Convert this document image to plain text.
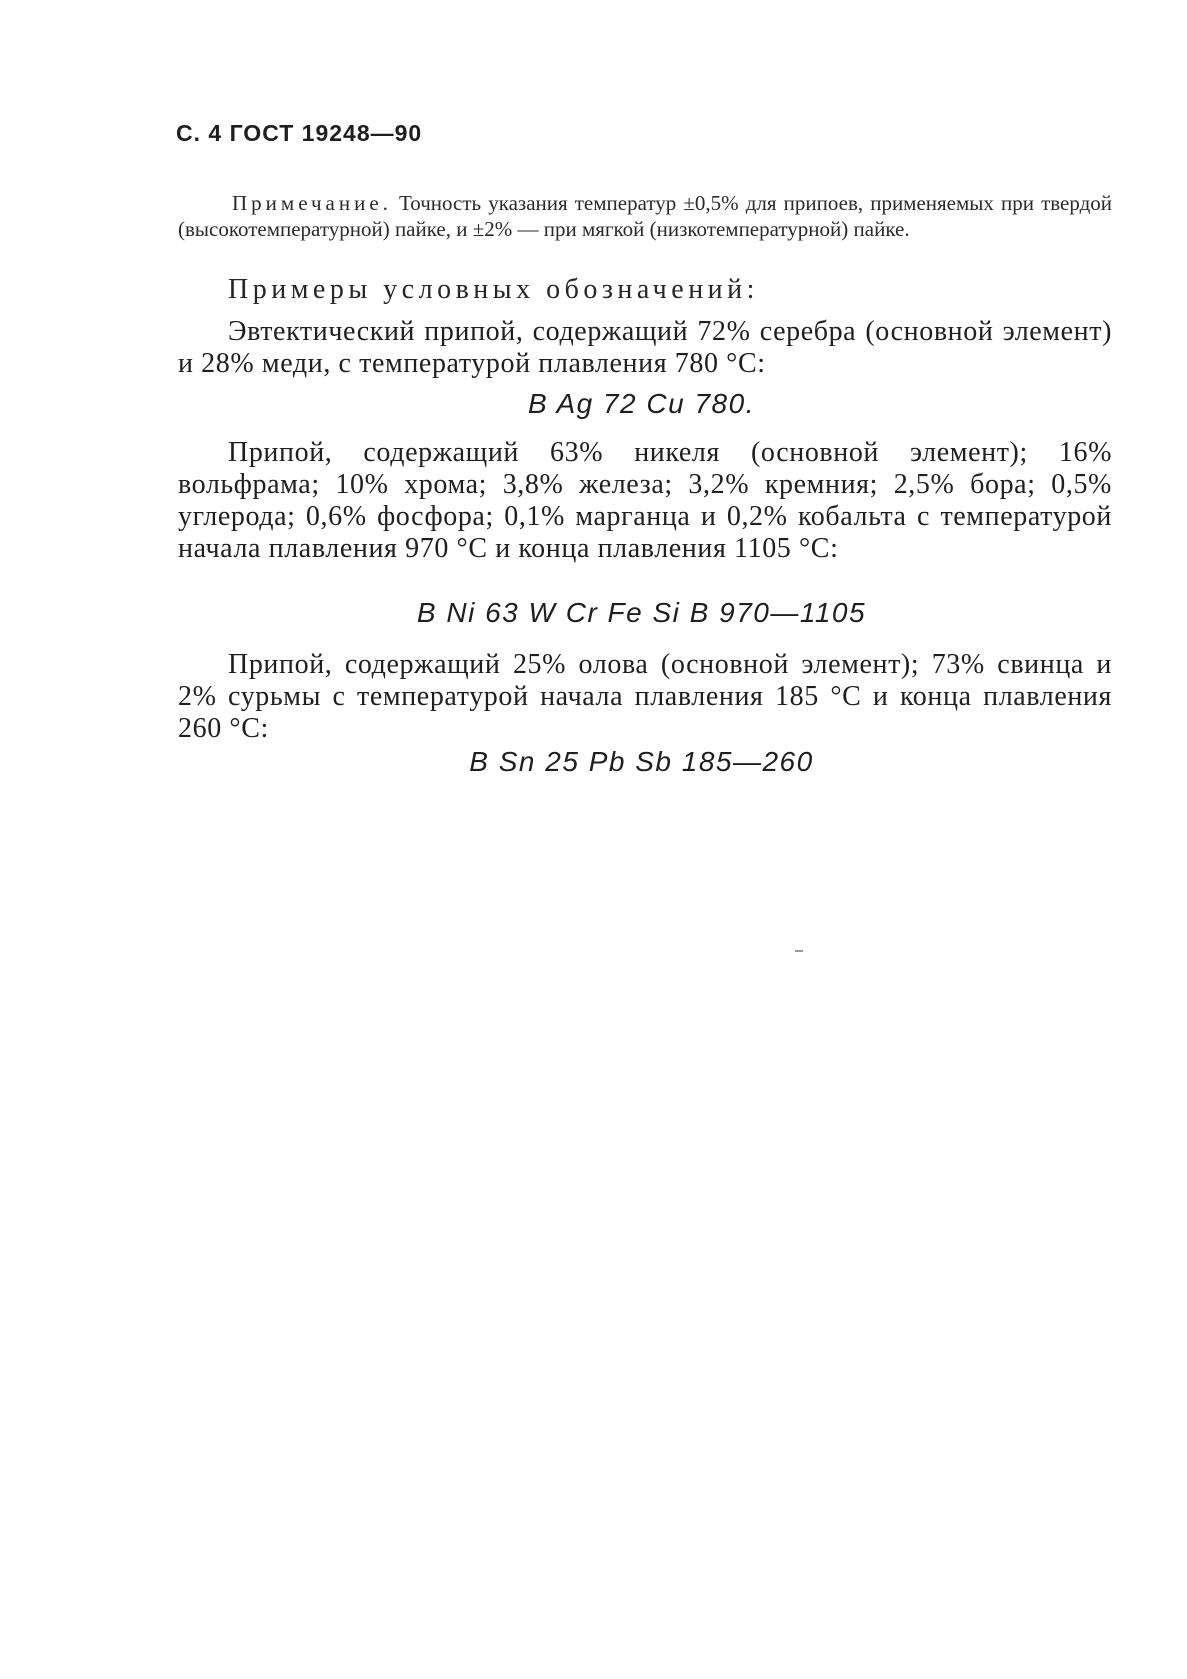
С. 4 ГОСТ 19248—90
Примечание. Точность указания температур ±0,5% для припоев, применяемых при твердой (высокотемпературной) пайке, и ±2% — при мягкой (низкотемпературной) пайке.
Примеры условных обозначений:
Эвтектический припой, содержащий 72% серебра (основной элемент) и 28% меди, с температурой плавления 780 °С:
B Ag 72 Cu 780.
Припой, содержащий 63% никеля (основной элемент); 16% вольфрама; 10% хрома; 3,8% железа; 3,2% кремния; 2,5% бора; 0,5% углерода; 0,6% фосфора; 0,1% марганца и 0,2% кобальта с температурой начала плавления 970 °С и конца плавления 1105 °С:
B Ni 63 W Cr Fe Si B 970—1105
Припой, содержащий 25% олова (основной элемент); 73% свинца и 2% сурьмы с температурой начала плавления 185 °С и конца плавления 260 °С:
B Sn 25 Pb Sb 185—260
